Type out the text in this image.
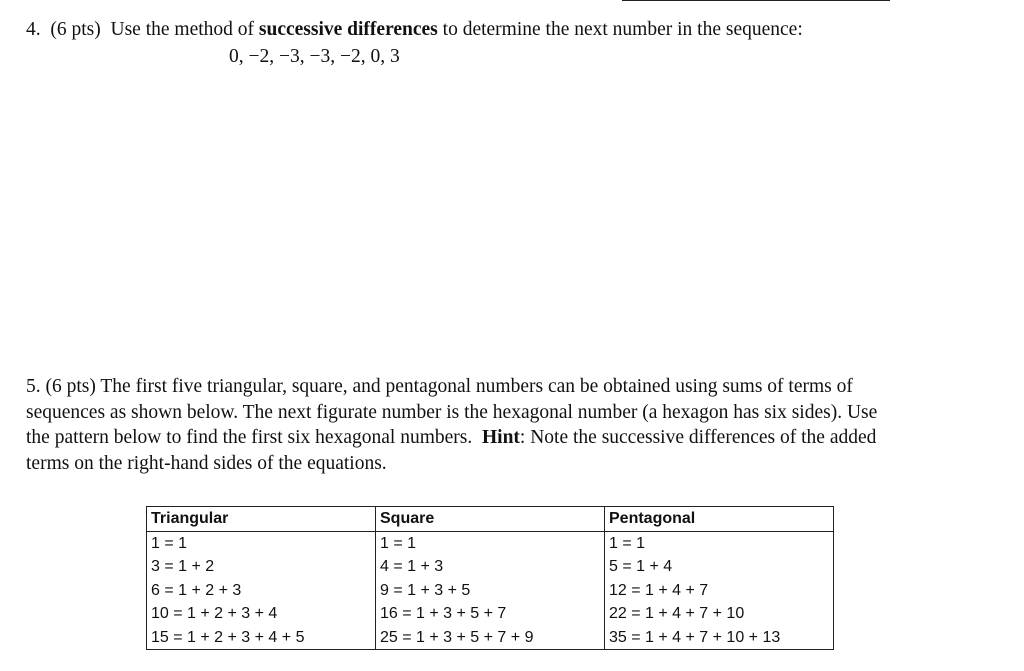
4. (6 pts) Use the method of successive differences to determine the next number in the sequence:
0, −2, −3, −3, −2, 0, 3
5. (6 pts) The first five triangular, square, and pentagonal numbers can be obtained using sums of terms of
sequences as shown below. The next figurate number is the hexagonal number (a hexagon has six sides). Use
the pattern below to find the first six hexagonal numbers. Hint: Note the successive differences of the added
terms on the right-hand sides of the equations.
Triangular	Square	Pentagonal
1 = 1	1 = 1	1 = 1
3 = 1 + 2	4 = 1 + 3	5 = 1 + 4
6 = 1 + 2 + 3	9 = 1 + 3 + 5	12 = 1 + 4 + 7
10 = 1 + 2 + 3 + 4	16 = 1 + 3 + 5 + 7	22 = 1 + 4 + 7 + 10
15 = 1 + 2 + 3 + 4 + 5	25 = 1 + 3 + 5 + 7 + 9	35 = 1 + 4 + 7 + 10 + 13
